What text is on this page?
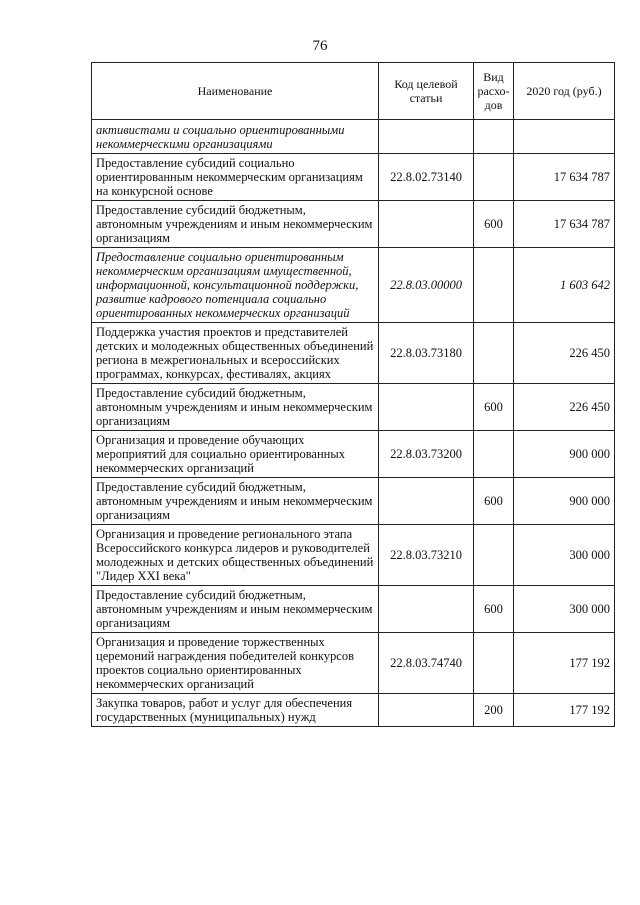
76
Наименование	Код целевой статьи	Вид расхо-дов	2020 год (руб.)
активистами и социально ориентированными некоммерческими организациями			
Предоставление субсидий социально ориентированным некоммерческим организациям на конкурсной основе	22.8.02.73140		17 634 787
Предоставление субсидий бюджетным, автономным учреждениям и иным некоммерческим организациям		600	17 634 787
Предоставление социально ориентированным некоммерческим организациям имущественной, информационной, консультационной поддержки, развитие кадрового потенциала социально ориентированных некоммерческих организаций	22.8.03.00000		1 603 642
Поддержка участия проектов и представителей детских и молодежных общественных объединений региона в межрегиональных и всероссийских программах, конкурсах, фестивалях, акциях	22.8.03.73180		226 450
Предоставление субсидий бюджетным, автономным учреждениям и иным некоммерческим организациям		600	226 450
Организация и проведение обучающих мероприятий для социально ориентированных некоммерческих организаций	22.8.03.73200		900 000
Предоставление субсидий бюджетным, автономным учреждениям и иным некоммерческим организациям		600	900 000
Организация и проведение регионального этапа Всероссийского конкурса лидеров и руководителей молодежных и детских общественных объединений "Лидер XXI века"	22.8.03.73210		300 000
Предоставление субсидий бюджетным, автономным учреждениям и иным некоммерческим организациям		600	300 000
Организация и проведение торжественных церемоний награждения победителей конкурсов проектов социально ориентированных некоммерческих организаций	22.8.03.74740		177 192
Закупка товаров, работ и услуг для обеспечения государственных (муниципальных) нужд		200	177 192
